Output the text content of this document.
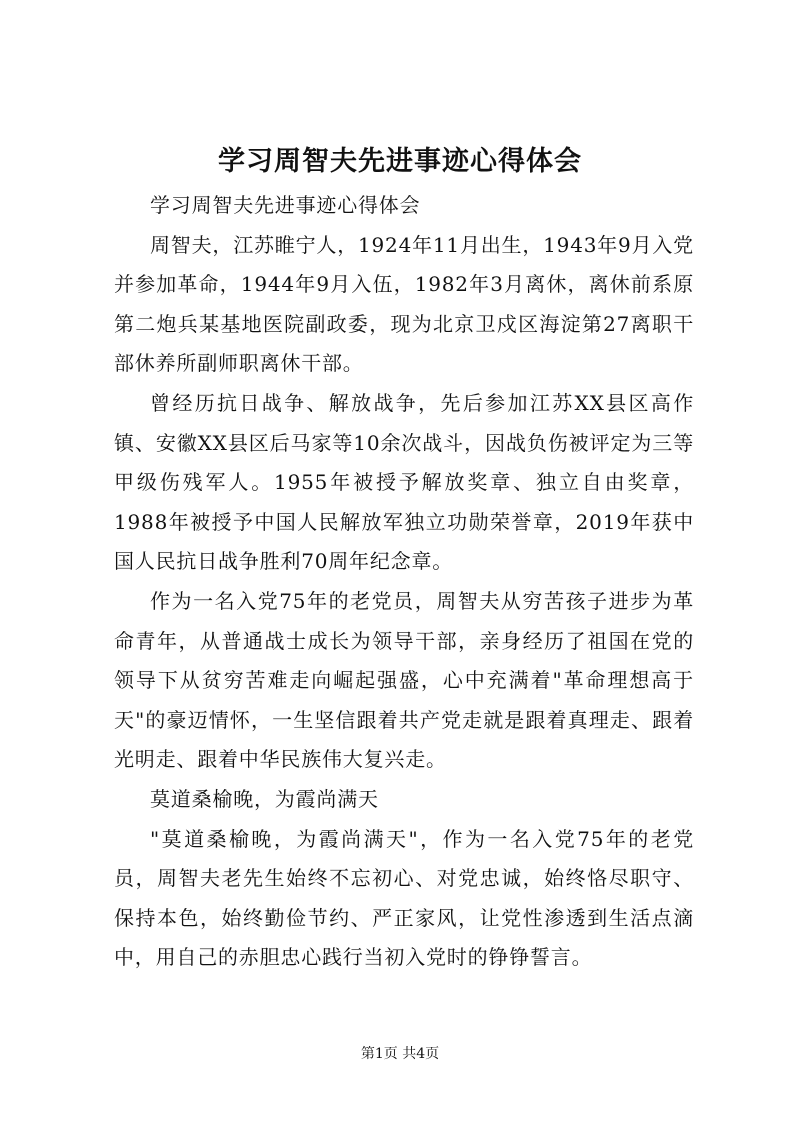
学习周智夫先进事迹心得体会

学习周智夫先进事迹心得体会

周智夫，江苏睢宁人，1924年11月出生，1943年9月入党并参加革命，1944年9月入伍，1982年3月离休，离休前系原第二炮兵某基地医院副政委，现为北京卫戍区海淀第27离职干部休养所副师职离休干部。

曾经历抗日战争、解放战争，先后参加江苏XX县区高作镇、安徽XX县区后马家等10余次战斗，因战负伤被评定为三等甲级伤残军人。1955年被授予解放奖章、独立自由奖章，1988年被授予中国人民解放军独立功勋荣誉章，2019年获中国人民抗日战争胜利70周年纪念章。

作为一名入党75年的老党员，周智夫从穷苦孩子进步为革命青年，从普通战士成长为领导干部，亲身经历了祖国在党的领导下从贫穷苦难走向崛起强盛，心中充满着"革命理想高于天"的豪迈情怀，一生坚信跟着共产党走就是跟着真理走、跟着光明走、跟着中华民族伟大复兴走。

莫道桑榆晚，为霞尚满天

"莫道桑榆晚，为霞尚满天"，作为一名入党75年的老党员，周智夫老先生始终不忘初心、对党忠诚，始终恪尽职守、保持本色，始终勤俭节约、严正家风，让党性渗透到生活点滴中，用自己的赤胆忠心践行当初入党时的铮铮誓言。

第1页 共4页
